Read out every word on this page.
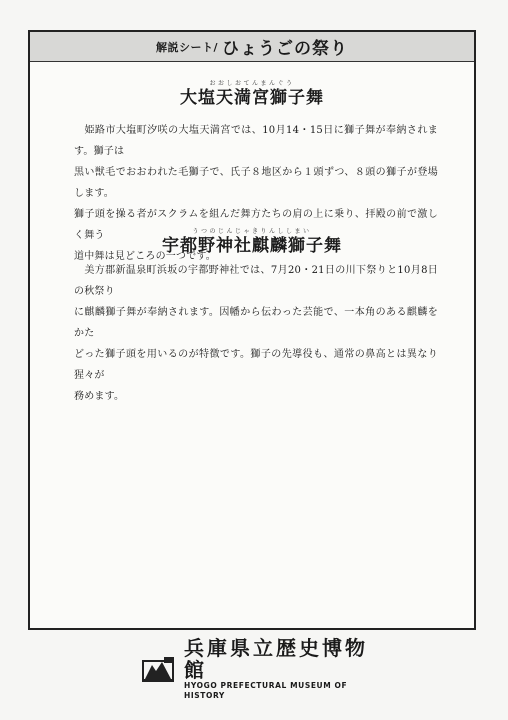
解説シート/ ひょうごの祭り
おおしおてんまんぐう
大塩天満宮獅子舞

　姫路市大塩町汐咲の大塩天満宮では、10月14・15日に獅子舞が奉納されます。獅子は

黒い獣毛でおおわれた毛獅子で、氏子８地区から１頭ずつ、８頭の獅子が登場します。

獅子頭を操る者がスクラムを組んだ舞方たちの肩の上に乗り、拝殿の前で激しく舞う

道中舞は見どころの一つです。

うつのじんじゃきりんししまい
宇都野神社麒麟獅子舞

　美方郡新温泉町浜坂の宇都野神社では、7月20・21日の川下祭りと10月8日の秋祭り

に麒麟獅子舞が奉納されます。因幡から伝わった芸能で、一本角のある麒麟をかた

どった獅子頭を用いるのが特徴です。獅子の先導役も、通常の鼻高とは異なり猩々が

務めます。

兵庫県立歴史博物館
HYOGO PREFECTURAL MUSEUM OF HISTORY
